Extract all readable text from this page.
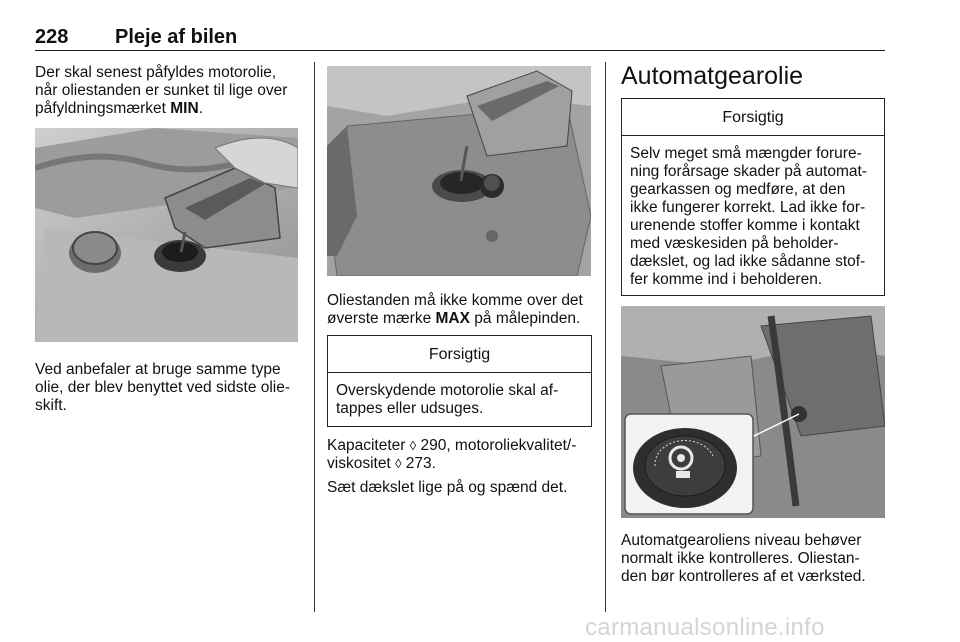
228 Pleje af bilen

Der skal senest påfyldes motorolie,

når oliestanden er sunket til lige over

påfyldningsmærket MIN.

Ved anbefaler at bruge samme type

olie, der blev benyttet ved sidste olie-

skift.

Oliestanden må ikke komme over det

øverste mærke MAX på målepinden.

Forsigtig
Overskydende motorolie skal af-
tappes eller udsuges.

Kapaciteter ◊ 290, motoroliekvalitet/-

viskositet ◊ 273.

Sæt dækslet lige på og spænd det.

Automatgearolie
Forsigtig
Selv meget små mængder forure-
ning forårsage skader på automat-
gearkassen og medføre, at den
ikke fungerer korrekt. Lad ikke for-
urenende stoffer komme i kontakt
med væskesiden på beholder-
dækslet, og lad ikke sådanne stof-
fer komme ind i beholderen.

Automatgearoliens niveau behøver

normalt ikke kontrolleres. Oliestan-

den bør kontrolleres af et værksted.

carmanualsonline.info
